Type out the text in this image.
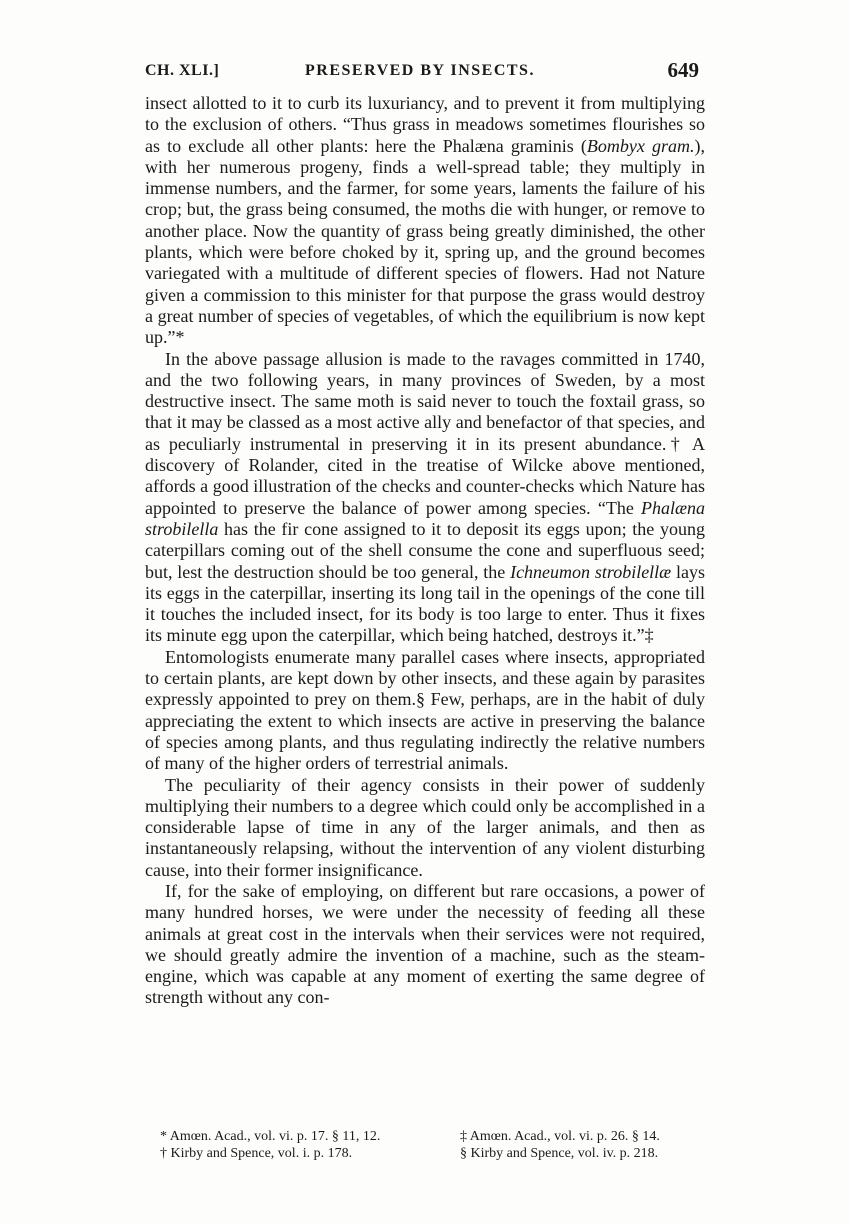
CH. XLI.]	PRESERVED BY INSECTS.	649

insect allotted to it to curb its luxuriancy, and to prevent it from multiplying to the exclusion of others. “Thus grass in meadows sometimes flourishes so as to exclude all other plants: here the Phalæna graminis (Bombyx gram.), with her numerous progeny, finds a well-spread table; they multiply in immense numbers, and the farmer, for some years, laments the failure of his crop; but, the grass being consumed, the moths die with hunger, or remove to another place. Now the quantity of grass being greatly diminished, the other plants, which were before choked by it, spring up, and the ground becomes variegated with a multitude of different species of flowers. Had not Nature given a commission to this minister for that purpose the grass would destroy a great number of species of vegetables, of which the equilibrium is now kept up.”*

In the above passage allusion is made to the ravages committed in 1740, and the two following years, in many provinces of Sweden, by a most destructive insect. The same moth is said never to touch the foxtail grass, so that it may be classed as a most active ally and benefactor of that species, and as peculiarly instrumental in preserving it in its present abundance.† A discovery of Rolander, cited in the treatise of Wilcke above mentioned, affords a good illustration of the checks and counter-checks which Nature has appointed to preserve the balance of power among species. “The Phalæna strobilella has the fir cone assigned to it to deposit its eggs upon; the young caterpillars coming out of the shell consume the cone and superfluous seed; but, lest the destruction should be too general, the Ichneumon strobilellæ lays its eggs in the caterpillar, inserting its long tail in the openings of the cone till it touches the included insect, for its body is too large to enter. Thus it fixes its minute egg upon the caterpillar, which being hatched, destroys it.”‡

Entomologists enumerate many parallel cases where insects, appropriated to certain plants, are kept down by other insects, and these again by parasites expressly appointed to prey on them.§ Few, perhaps, are in the habit of duly appreciating the extent to which insects are active in preserving the balance of species among plants, and thus regulating indirectly the relative numbers of many of the higher orders of terrestrial animals.

The peculiarity of their agency consists in their power of suddenly multiplying their numbers to a degree which could only be accomplished in a considerable lapse of time in any of the larger animals, and then as instantaneously relapsing, without the intervention of any violent disturbing cause, into their former insignificance.

If, for the sake of employing, on different but rare occasions, a power of many hundred horses, we were under the necessity of feeding all these animals at great cost in the intervals when their services were not required, we should greatly admire the invention of a machine, such as the steam-engine, which was capable at any moment of exerting the same degree of strength without any con-

* Amœn. Acad., vol. vi. p. 17. § 11, 12.
† Kirby and Spence, vol. i. p. 178.
‡ Amœn. Acad., vol. vi. p. 26. § 14.
§ Kirby and Spence, vol. iv. p. 218.
